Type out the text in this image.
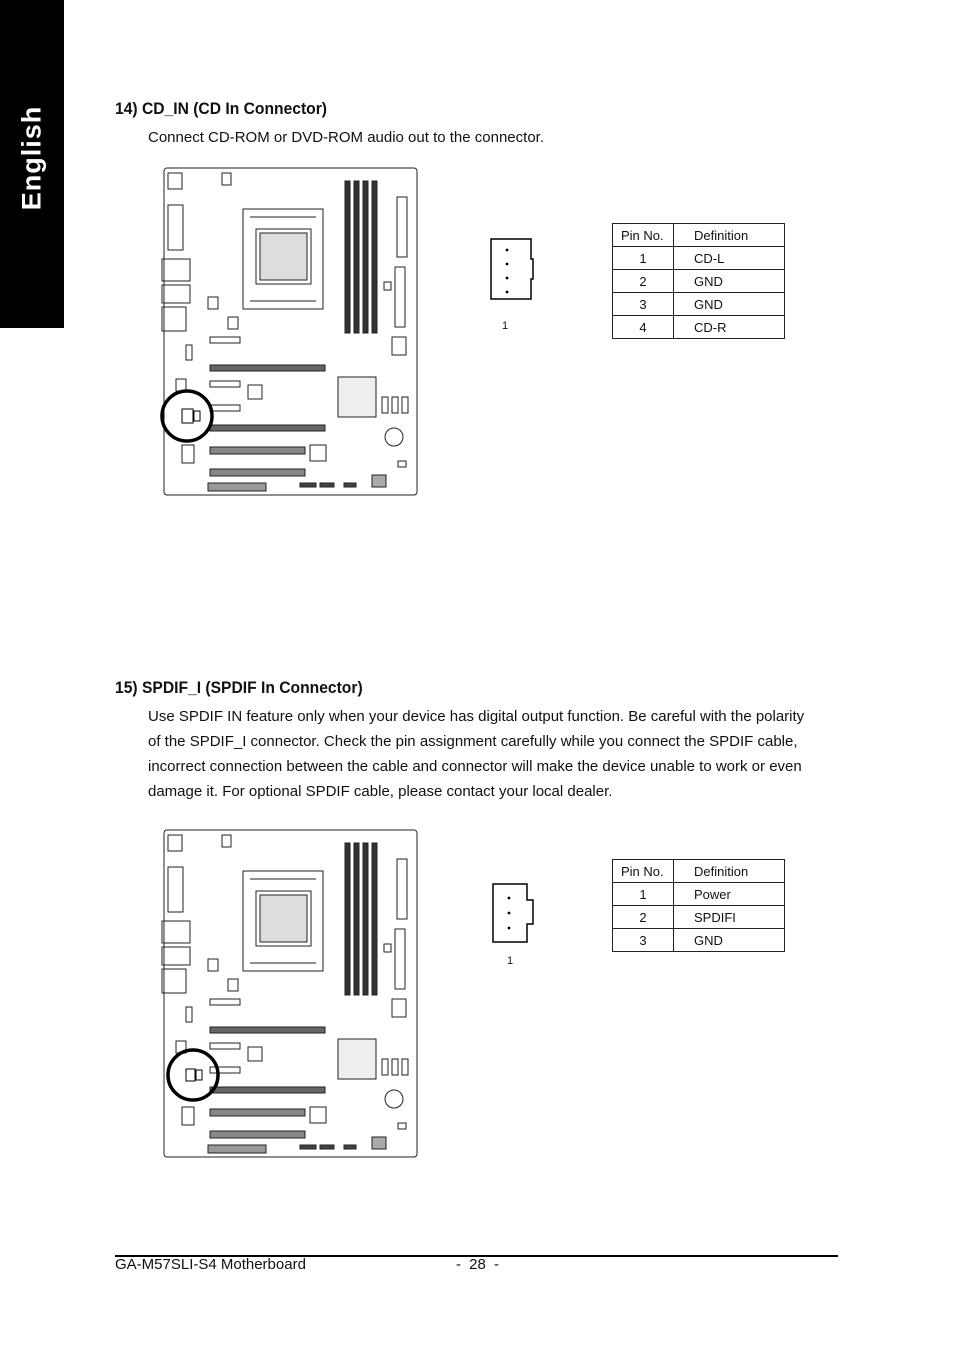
English	14) CD_IN (CD In Connector)
Connect CD-ROM or DVD-ROM audio out to the connector.
1
Pin No.	Definition
1	CD-L
2	GND
3	GND
4	CD-R
15) SPDIF_I (SPDIF In Connector)
Use SPDIF IN feature only when your device has digital output function. Be careful with the polarity
of the SPDIF_I connector. Check the pin assignment carefully while you connect the SPDIF cable,
incorrect connection between the cable and connector will make the device unable to work or even
damage it. For optional SPDIF cable, please contact your local dealer.
1
Pin No.	Definition
1	Power
2	SPDIFI
3	GND
GA-M57SLI-S4 Motherboard	- 28 -
